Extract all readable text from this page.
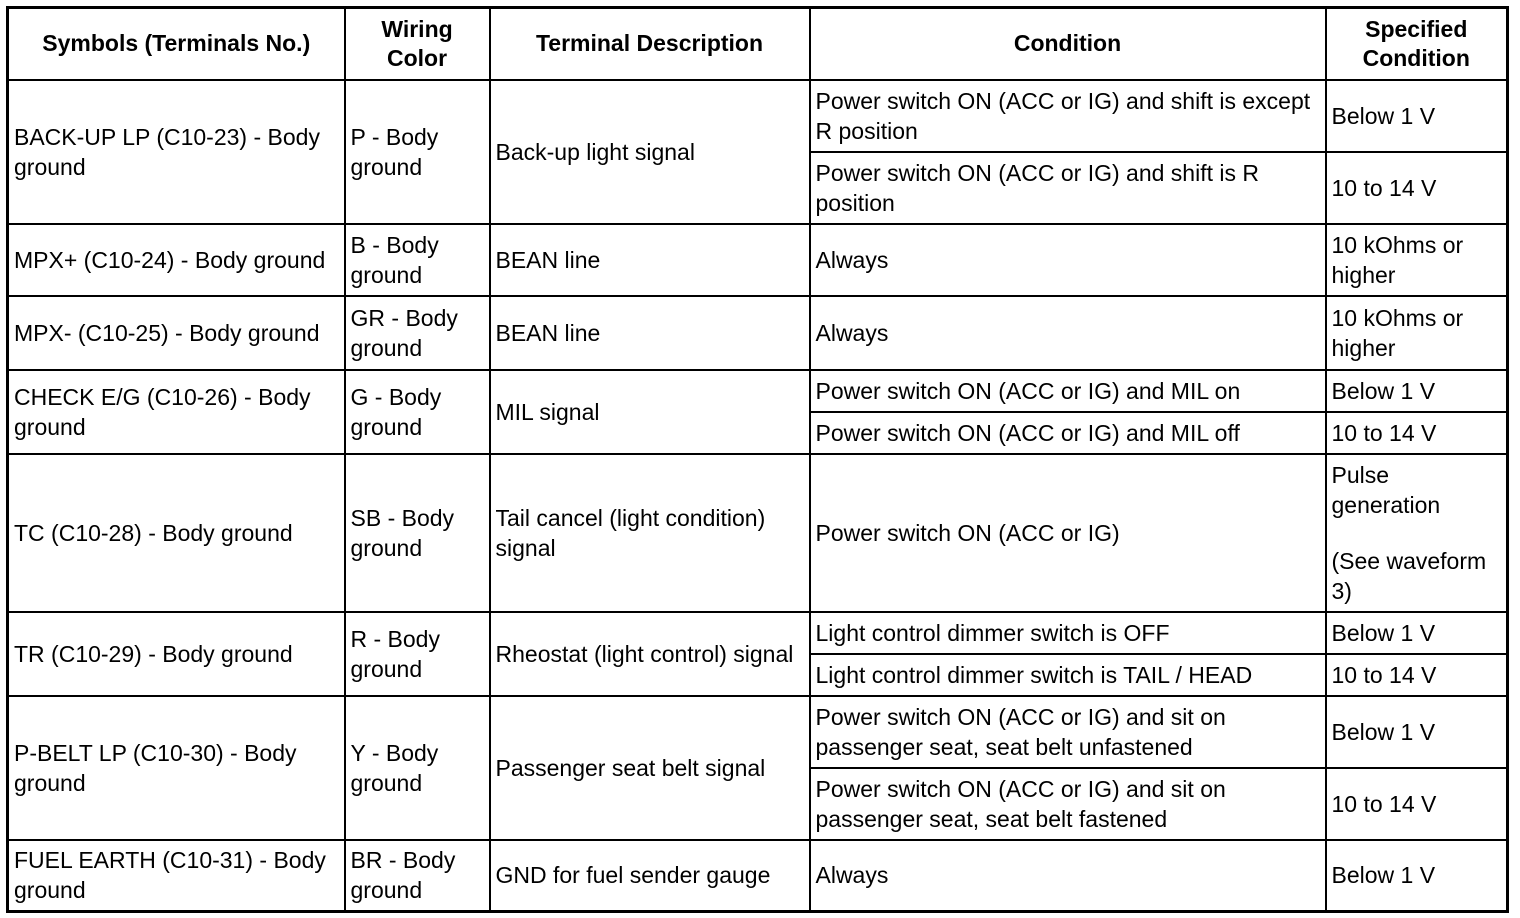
Symbols (Terminals No.)	Wiring Color	Terminal Description	Condition	Specified Condition
BACK-UP LP (C10-23) - Body ground	P - Body ground	Back-up light signal	Power switch ON (ACC or IG) and shift is except R position	Below 1 V
			Power switch ON (ACC or IG) and shift is R position	10 to 14 V
MPX+ (C10-24) - Body ground	B - Body ground	BEAN line	Always	10 kOhms or higher
MPX- (C10-25) - Body ground	GR - Body ground	BEAN line	Always	10 kOhms or higher
CHECK E/G (C10-26) - Body ground	G - Body ground	MIL signal	Power switch ON (ACC or IG) and MIL on	Below 1 V
			Power switch ON (ACC or IG) and MIL off	10 to 14 V
TC (C10-28) - Body ground	SB - Body ground	Tail cancel (light condition) signal	Power switch ON (ACC or IG)	Pulse generation
(See waveform 3)
TR (C10-29) - Body ground	R - Body ground	Rheostat (light control) signal	Light control dimmer switch is OFF	Below 1 V
			Light control dimmer switch is TAIL / HEAD	10 to 14 V
P-BELT LP (C10-30) - Body ground	Y - Body ground	Passenger seat belt signal	Power switch ON (ACC or IG) and sit on passenger seat, seat belt unfastened	Below 1 V
			Power switch ON (ACC or IG) and sit on passenger seat, seat belt fastened	10 to 14 V
FUEL EARTH (C10-31) - Body ground	BR - Body ground	GND for fuel sender gauge	Always	Below 1 V
